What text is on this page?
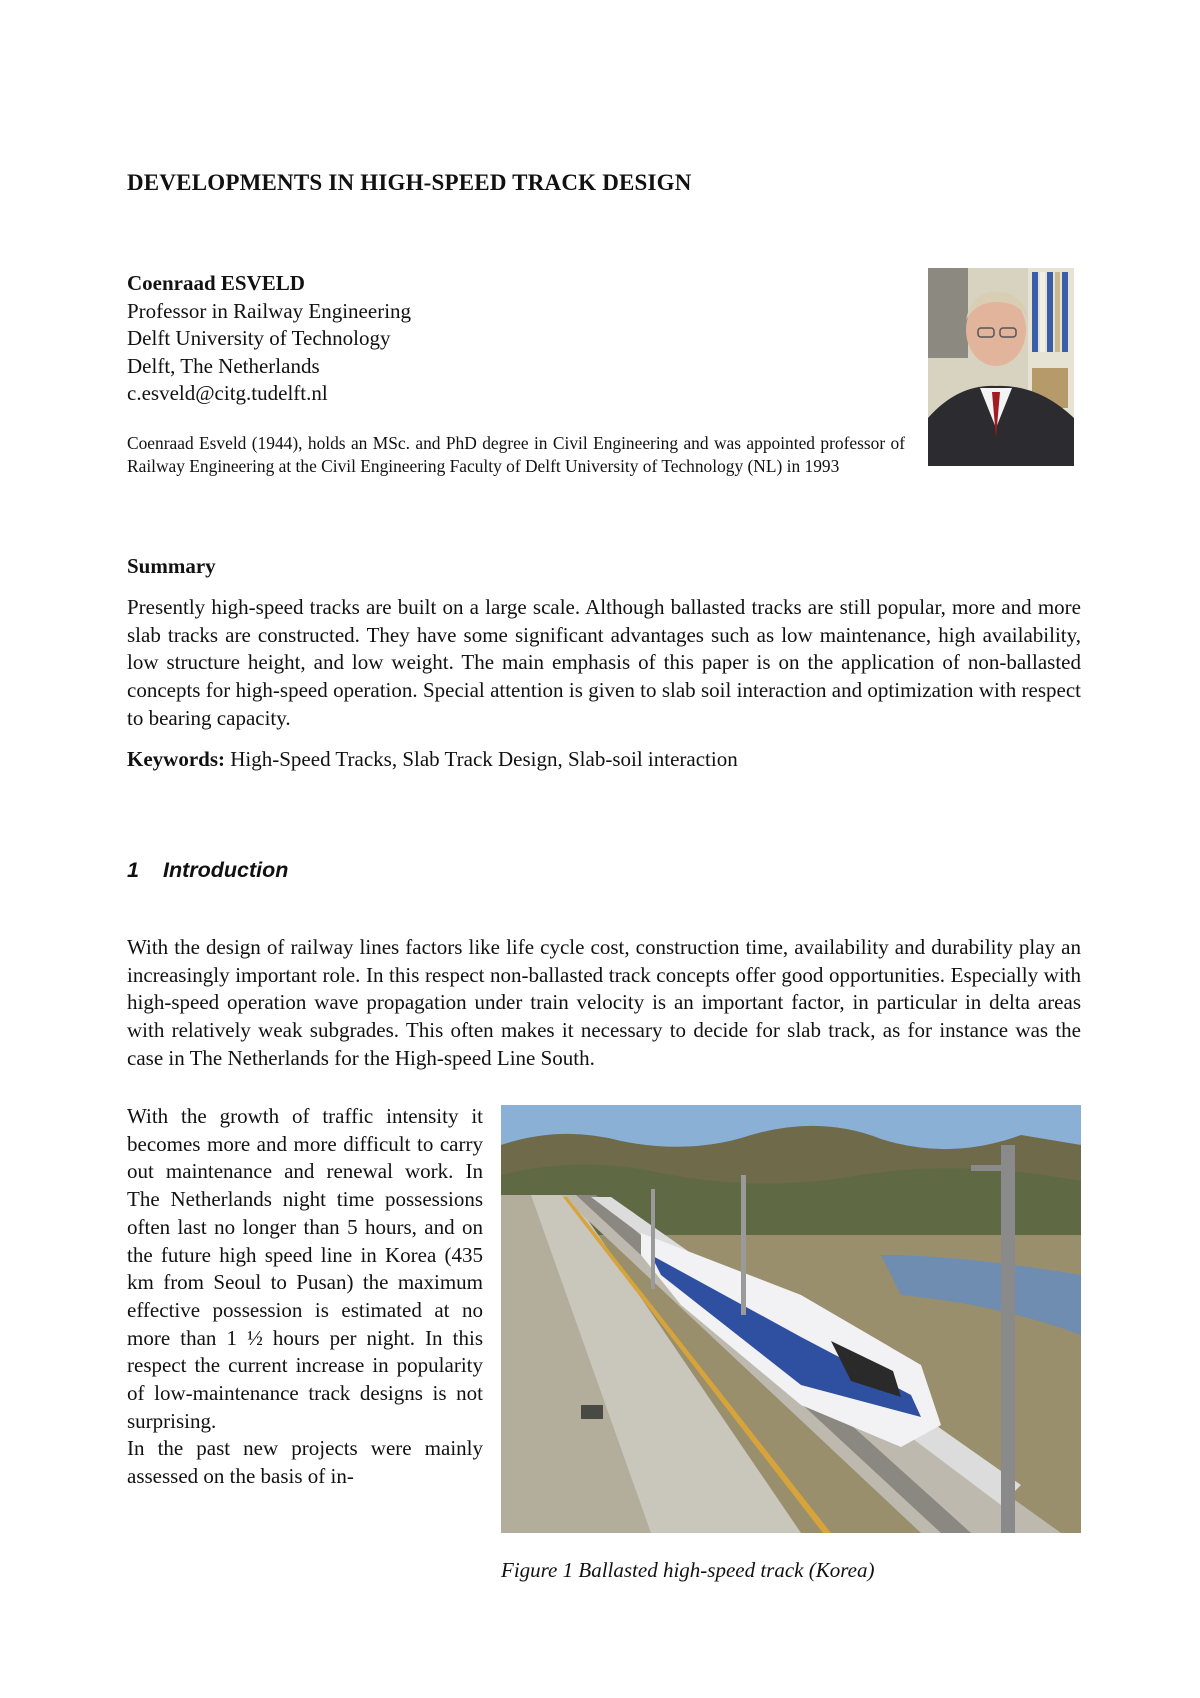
DEVELOPMENTS IN HIGH-SPEED TRACK DESIGN
Coenraad ESVELD
Professor in Railway Engineering
Delft University of Technology
Delft, The Netherlands
c.esveld@citg.tudelft.nl

Coenraad Esveld (1944), holds an MSc. and PhD degree in Civil Engineering and was appointed professor of Railway Engineering at the Civil Engineering Faculty of Delft University of Technology (NL) in 1993

Summary

Presently high-speed tracks are built on a large scale. Although ballasted tracks are still popular, more and more slab tracks are constructed. They have some significant advantages such as low maintenance, high availability, low structure height, and low weight. The main emphasis of this paper is on the application of non-ballasted concepts for high-speed operation. Special attention is given to slab soil interaction and optimization with respect to bearing capacity.

Keywords: High-Speed Tracks, Slab Track Design, Slab-soil interaction

1 Introduction

With the design of railway lines factors like life cycle cost, construction time, availability and durability play an increasingly important role. In this respect non-ballasted track concepts offer good opportunities. Especially with high-speed operation wave propagation under train velocity is an important factor, in particular in delta areas with relatively weak subgrades. This often makes it necessary to decide for slab track, as for instance was the case in The Netherlands for the High-speed Line South.

With the growth of traffic intensity it becomes more and more difficult to carry out maintenance and renewal work. In The Netherlands night time possessions often last no longer than 5 hours, and on the future high speed line in Korea (435 km from Seoul to Pusan) the maximum effective possession is estimated at no more than 1 ½ hours per night. In this respect the current increase in popularity of low-maintenance track designs is not surprising.
In the past new projects were mainly assessed on the basis of in-

Figure 1 Ballasted high-speed track (Korea)
